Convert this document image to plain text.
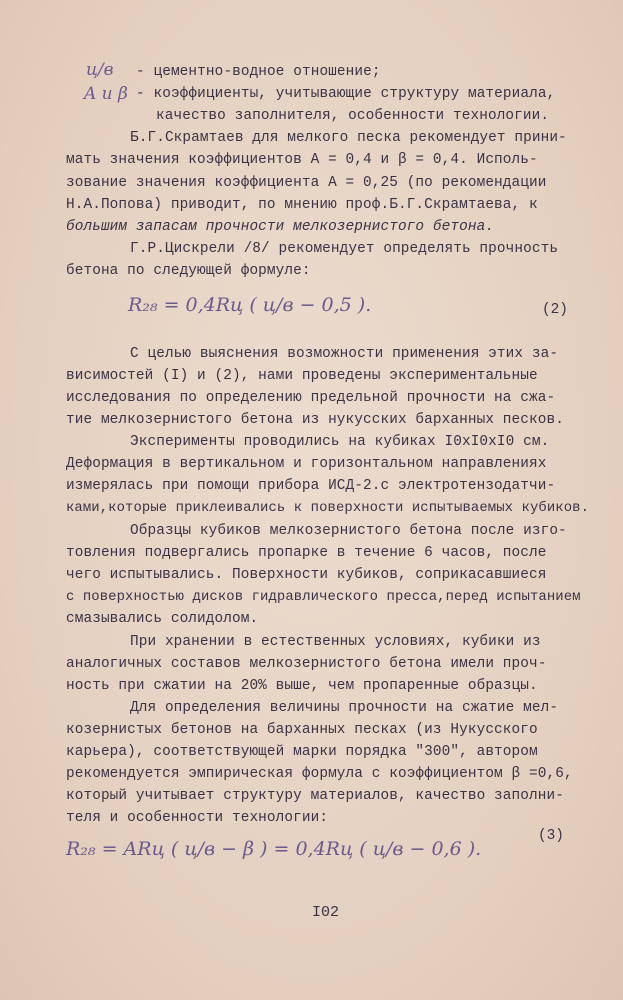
ц/в
A и β
- цементно-водное отношение;
- коэффициенты, учитывающие структуру материала,
качество заполнителя, особенности технологии.
Б.Г.Скрамтаев для мелкого песка рекомендует прини-
мать значения коэффициентов A = 0,4 и β = 0,4. Исполь-
зование значения коэффициента A = 0,25 (по рекомендации
Н.А.Попова) приводит, по мнению проф.Б.Г.Скрамтаева, к
большим запасам прочности мелкозернистого бетона.
Г.Р.Цискрели /8/ рекомендует определять прочность
бетона по следующей формуле:
R₂₈ = 0,4Rц ( ц/в − 0,5 ).	(2)
С целью выяснения возможности применения этих за-
висимостей (I) и (2), нами проведены экспериментальные
исследования по определению предельной прочности на сжа-
тие мелкозернистого бетона из нукусских барханных песков.
Эксперименты проводились на кубиках I0xI0xI0 см.
Деформация в вертикальном и горизонтальном направлениях
измерялась при помощи прибора ИСД-2.с электротензодатчи-
ками,которые приклеивались к поверхности испытываемых кубиков.
Образцы кубиков мелкозернистого бетона после изго-
товления подвергались пропарке в течение 6 часов, после
чего испытывались. Поверхности кубиков, соприкасавшиеся
с поверхностью дисков гидравлического пресса,перед испытанием
смазывались солидолом.
При хранении в естественных условиях, кубики из
аналогичных составов мелкозернистого бетона имели проч-
ность при сжатии на 20% выше, чем пропаренные образцы.
Для определения величины прочности на сжатие мел-
козернистых бетонов на барханных песках (из Нукусского
карьера), соответствующей марки порядка "300", автором
рекомендуется эмпирическая формула с коэффициентом β =0,6,
который учитывает структуру материалов, качество заполни-
теля и особенности технологии:
R₂₈ = ARц ( ц/в − β ) = 0,4Rц ( ц/в − 0,6 ).
(3)
I02
